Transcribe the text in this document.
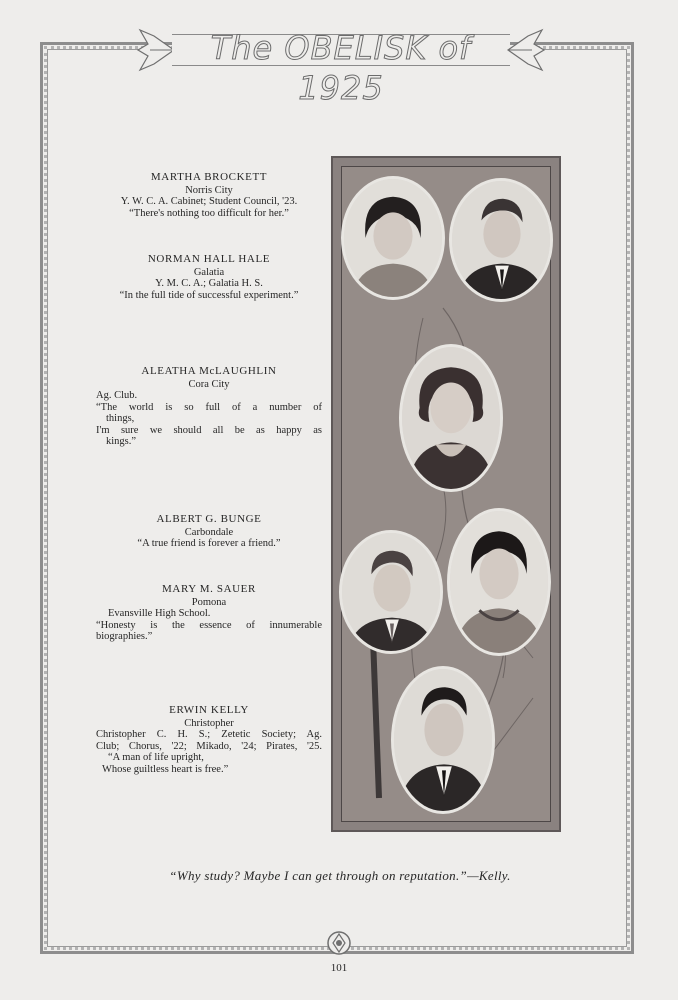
The OBELISK of 1925
MARTHA BROCKETT
Norris City
Y. W. C. A. Cabinet; Student Council, '23.
“There's nothing too difficult for her.”
NORMAN HALL HALE
Galatia
Y. M. C. A.; Galatia H. S.
“In the full tide of successful experiment.”
ALEATHA McLAUGHLIN
Cora City
Ag. Club.
“The world is so full of a number of
things,
I'm sure we should all be as happy as
kings.”
ALBERT G. BUNGE
Carbondale
“A true friend is forever a friend.”
MARY M. SAUER
Pomona
Evansville High School.
“Honesty is the essence of innumerable
biographies.”
ERWIN KELLY
Christopher
Christopher C. H. S.; Zetetic Society; Ag.
Club; Chorus, '22; Mikado, '24; Pirates, '25.
“A man of life upright,
Whose guiltless heart is free.”
“Why study? Maybe I can get through on reputation.”—Kelly.
101
